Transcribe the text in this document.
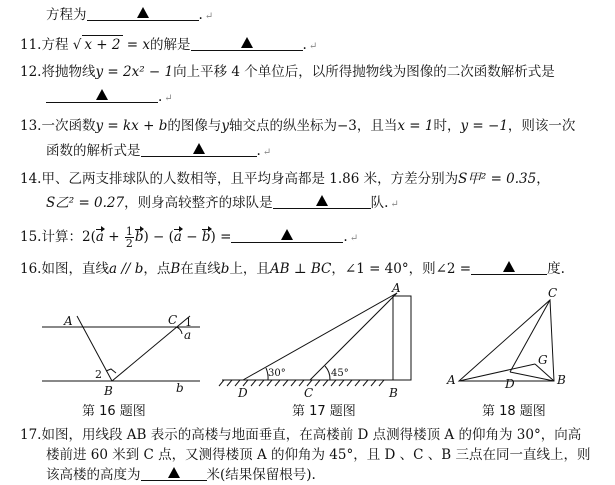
方程为	. ↵
11.方程 √ x + 2 = x的解是	. ↵
12.将抛物线y = 2x² − 1向上平移 4 个单位后，以所得抛物线为图像的二次函数解析式是
. ↵
13.一次函数y = kx + b的图像与y轴交点的纵坐标为−3，且当x = 1时，y = −1，则该一次
函数的解析式是	. ↵
14.甲、乙两支排球队的人数相等，且平均身高都是 1.86 米，方差分别为S甲² = 0.35，
S乙² = 0.27，则身高较整齐的球队是	队. ↵
15.计算：$2(a + \frac{1}{2} b) - (a - b)$ =	. ↵
16.如图，直线a // b，点B在直线b上，且AB ⊥ BC，∠1 = 40°，则∠2 =	度.
A	C
B
a
b
1
2
A
B
C
D
30°	45°	A	B
C
D
G
第 16 题图	第 17 题图	第 18 题图
17.如图，用线段 AB 表示的高楼与地面垂直，在高楼前 D 点测得楼顶 A 的仰角为 30°，向高
楼前进 60 米到 C 点，又测得楼顶 A 的仰角为 45°，且 D 、C 、B 三点在同一直线上，则
该高楼的高度为	米(结果保留根号).
